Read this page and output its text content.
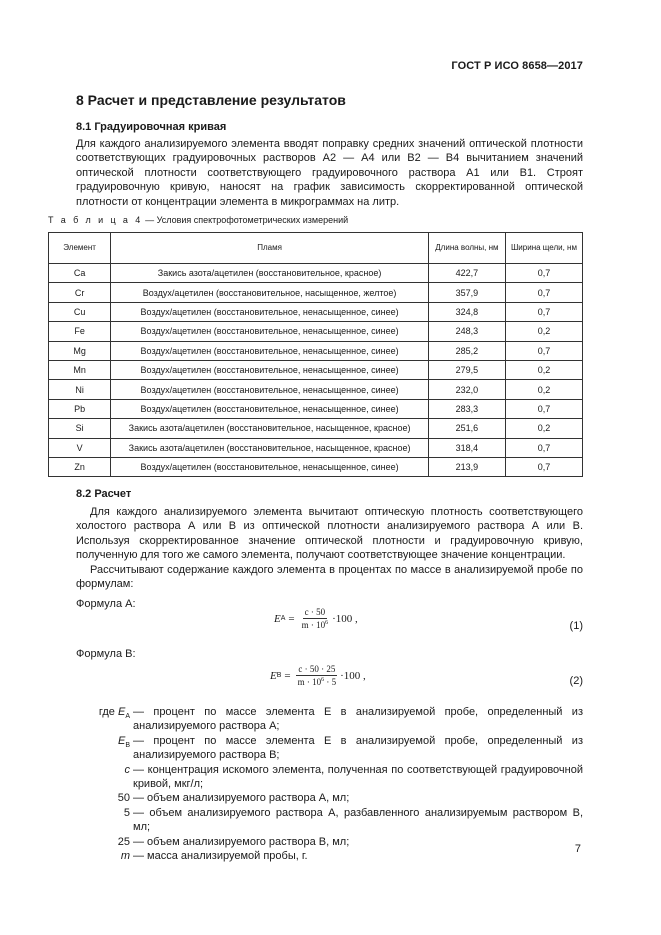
ГОСТ Р ИСО 8658—2017
8 Расчет и представление результатов
8.1 Градуировочная кривая
Для каждого анализируемого элемента вводят поправку средних значений оптической плотности соответствующих градуировочных растворов А2 — А4 или В2 — В4 вычитанием значений оптической плотности соответствующего градуировочного раствора А1 или В1. Строят градуировочную кривую, наносят на график зависимость скорректированной оптической плотности от концентрации элемента в микрограммах на литр.
Т а б л и ц а 4 — Условия спектрофотометрических измерений
Элемент	Пламя	Длина волны, нм	Ширина щели, нм
Ca	Закись азота/ацетилен (восстановительное, красное)	422,7	0,7
Cr	Воздух/ацетилен (восстановительное, насыщенное, желтое)	357,9	0,7
Cu	Воздух/ацетилен (восстановительное, ненасыщенное, синее)	324,8	0,7
Fe	Воздух/ацетилен (восстановительное, ненасыщенное, синее)	248,3	0,2
Mg	Воздух/ацетилен (восстановительное, ненасыщенное, синее)	285,2	0,7
Mn	Воздух/ацетилен (восстановительное, ненасыщенное, синее)	279,5	0,2
Ni	Воздух/ацетилен (восстановительное, ненасыщенное, синее)	232,0	0,2
Pb	Воздух/ацетилен (восстановительное, ненасыщенное, синее)	283,3	0,7
Si	Закись азота/ацетилен (восстановительное, насыщенное, красное)	251,6	0,2
V	Закись азота/ацетилен (восстановительное, насыщенное, красное)	318,4	0,7
Zn	Воздух/ацетилен (восстановительное, ненасыщенное, синее)	213,9	0,7
8.2 Расчет
Для каждого анализируемого элемента вычитают оптическую плотность соответствующего холостого раствора А или В из оптической плотности анализируемого раствора А или В. Используя скорректированное значение оптической плотности и градуировочную кривую, полученную для того же самого элемента, получают соответствующее значение концентрации.
Рассчитывают содержание каждого элемента в процентах по массе в анализируемой пробе по формулам:
Формула А:
E $A = \frac{c \cdot 50}{m \cdot 10^6} \cdot 100$ ,
(1)
Формула В:
E $B = \frac{c \cdot 50 \cdot 25}{m \cdot 10^6 \cdot 5} \cdot 100$ ,	(2)
где $E_A$ — процент по массе элемента E в анализируемой пробе, определенный из анализируемого раствора А;
$E_B$ — процент по массе элемента E в анализируемой пробе, определенный из анализируемого раствора В;
c — концентрация искомого элемента, полученная по соответствующей градуировочной кривой, мкг/л;
50 — объем анализируемого раствора А, мл;
5 — объем анализируемого раствора А, разбавленного анализируемым раствором В, мл;
25 — объем анализируемого раствора В, мл;
m — масса анализируемой пробы, г.
7
